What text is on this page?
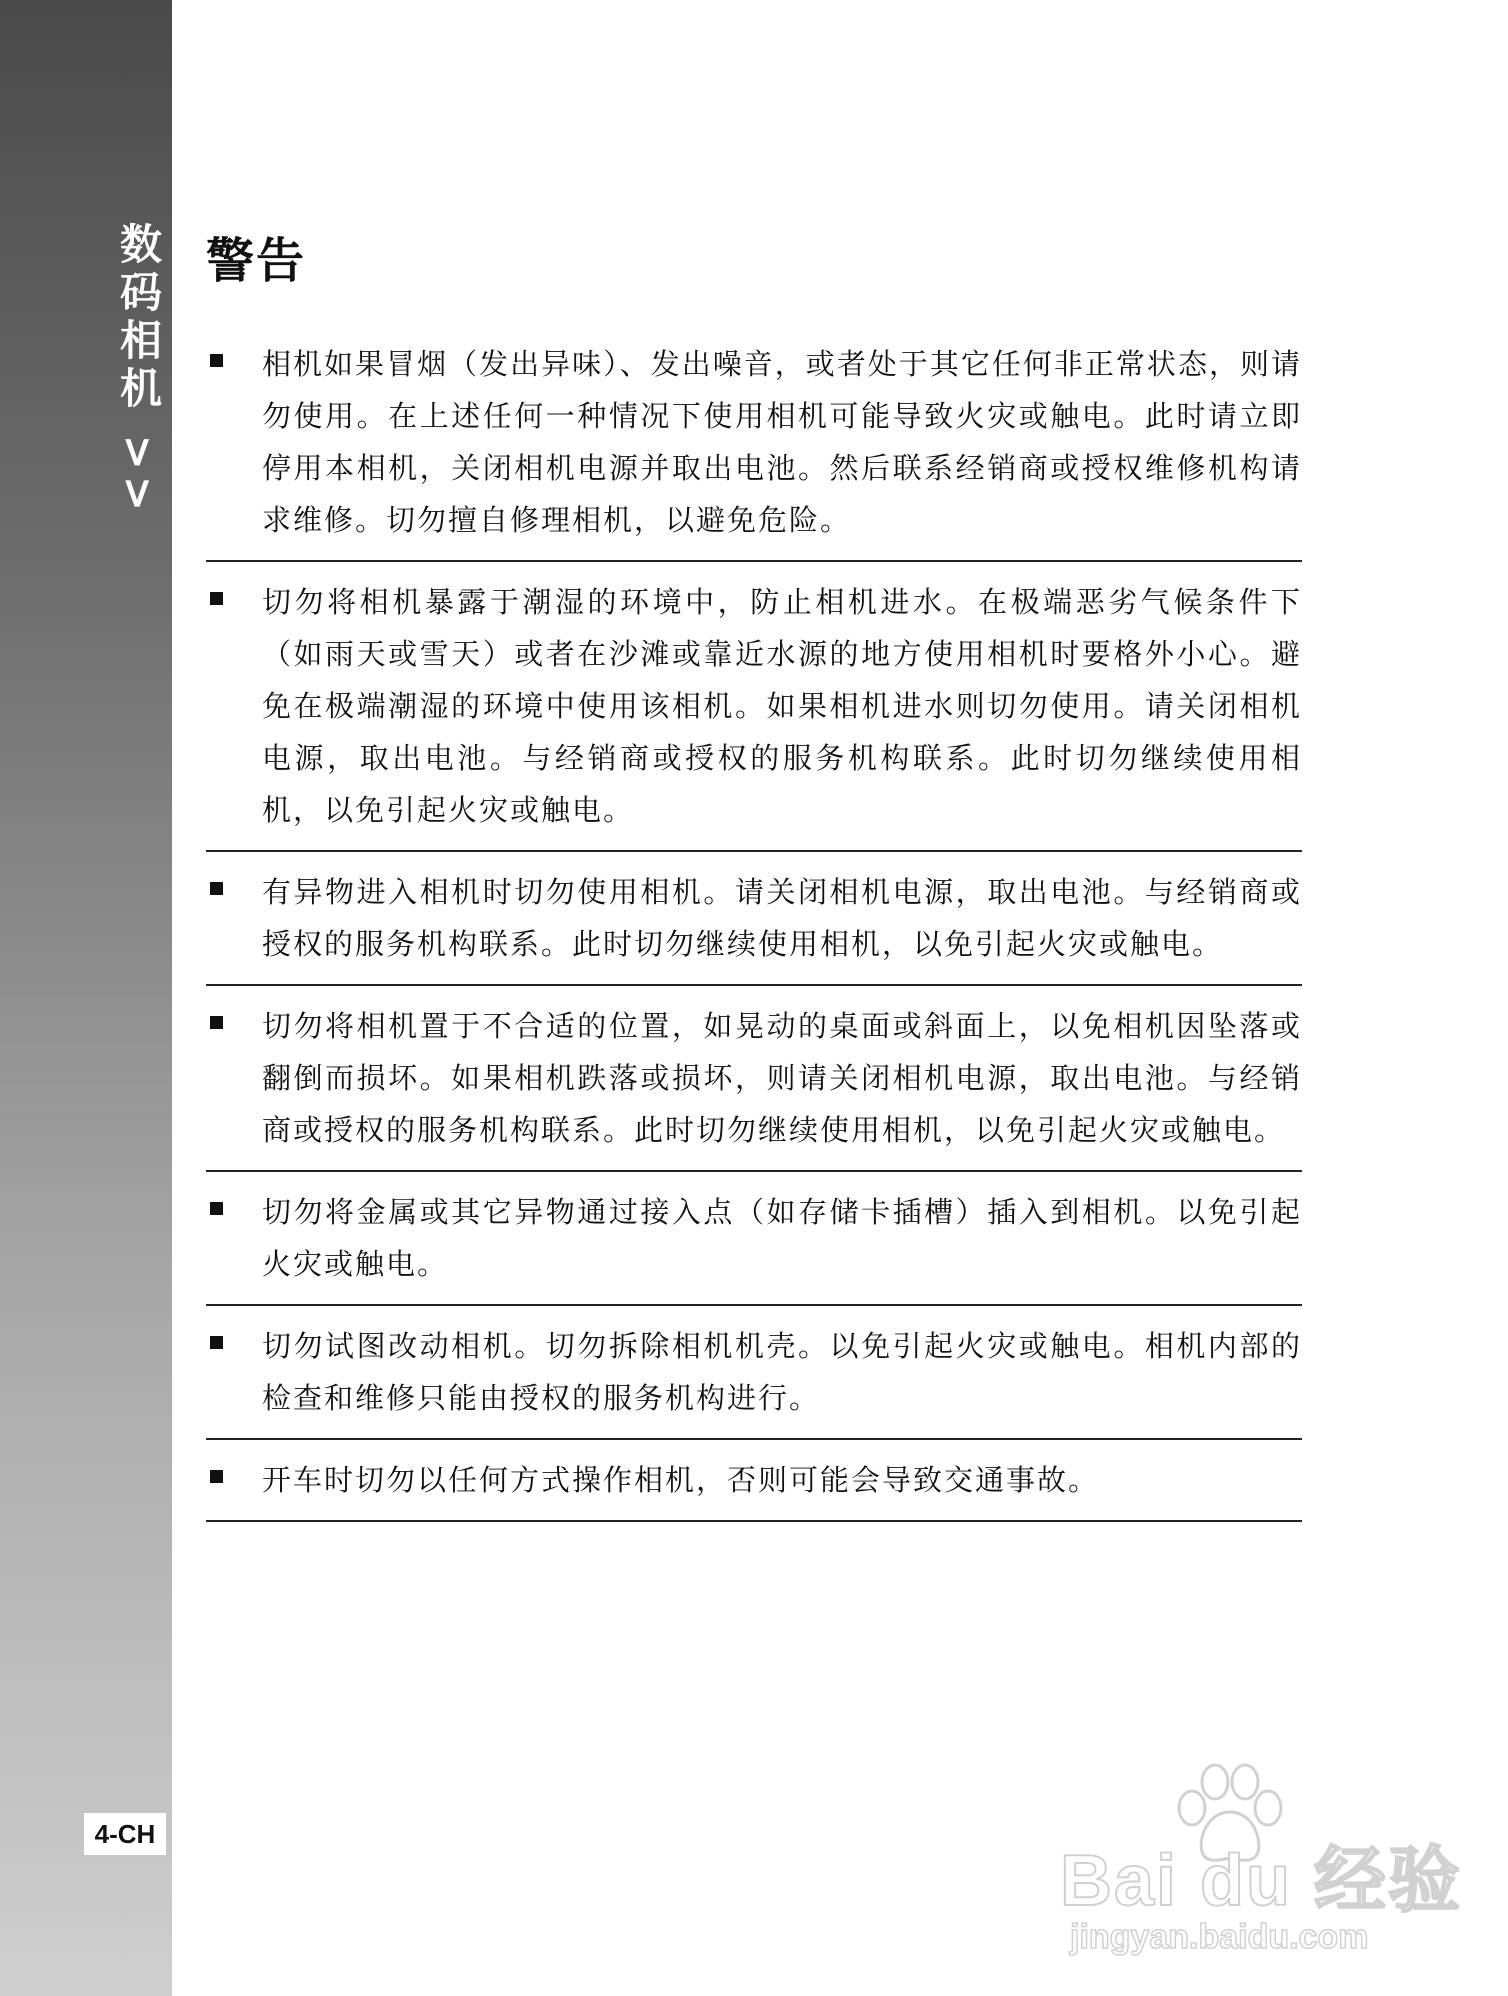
数码相机 >>
4-CH
警告
相机如果冒烟（发出异味）、发出噪音，或者处于其它任何非正常状态，则请勿使用。在上述任何一种情况下使用相机可能导致火灾或触电。此时请立即停用本相机，关闭相机电源并取出电池。然后联系经销商或授权维修机构请求维修。切勿擅自修理相机，以避免危险。
切勿将相机暴露于潮湿的环境中，防止相机进水。在极端恶劣气候条件下（如雨天或雪天）或者在沙滩或靠近水源的地方使用相机时要格外小心。避免在极端潮湿的环境中使用该相机。如果相机进水则切勿使用。请关闭相机电源，取出电池。与经销商或授权的服务机构联系。此时切勿继续使用相机，以免引起火灾或触电。
有异物进入相机时切勿使用相机。请关闭相机电源，取出电池。与经销商或授权的服务机构联系。此时切勿继续使用相机，以免引起火灾或触电。
切勿将相机置于不合适的位置，如晃动的桌面或斜面上，以免相机因坠落或翻倒而损坏。如果相机跌落或损坏，则请关闭相机电源，取出电池。与经销商或授权的服务机构联系。此时切勿继续使用相机，以免引起火灾或触电。
切勿将金属或其它异物通过接入点（如存储卡插槽）插入到相机。以免引起火灾或触电。
切勿试图改动相机。切勿拆除相机机壳。以免引起火灾或触电。相机内部的检查和维修只能由授权的服务机构进行。
开车时切勿以任何方式操作相机，否则可能会导致交通事故。
Bai du 经验
jingyan.baidu.com
